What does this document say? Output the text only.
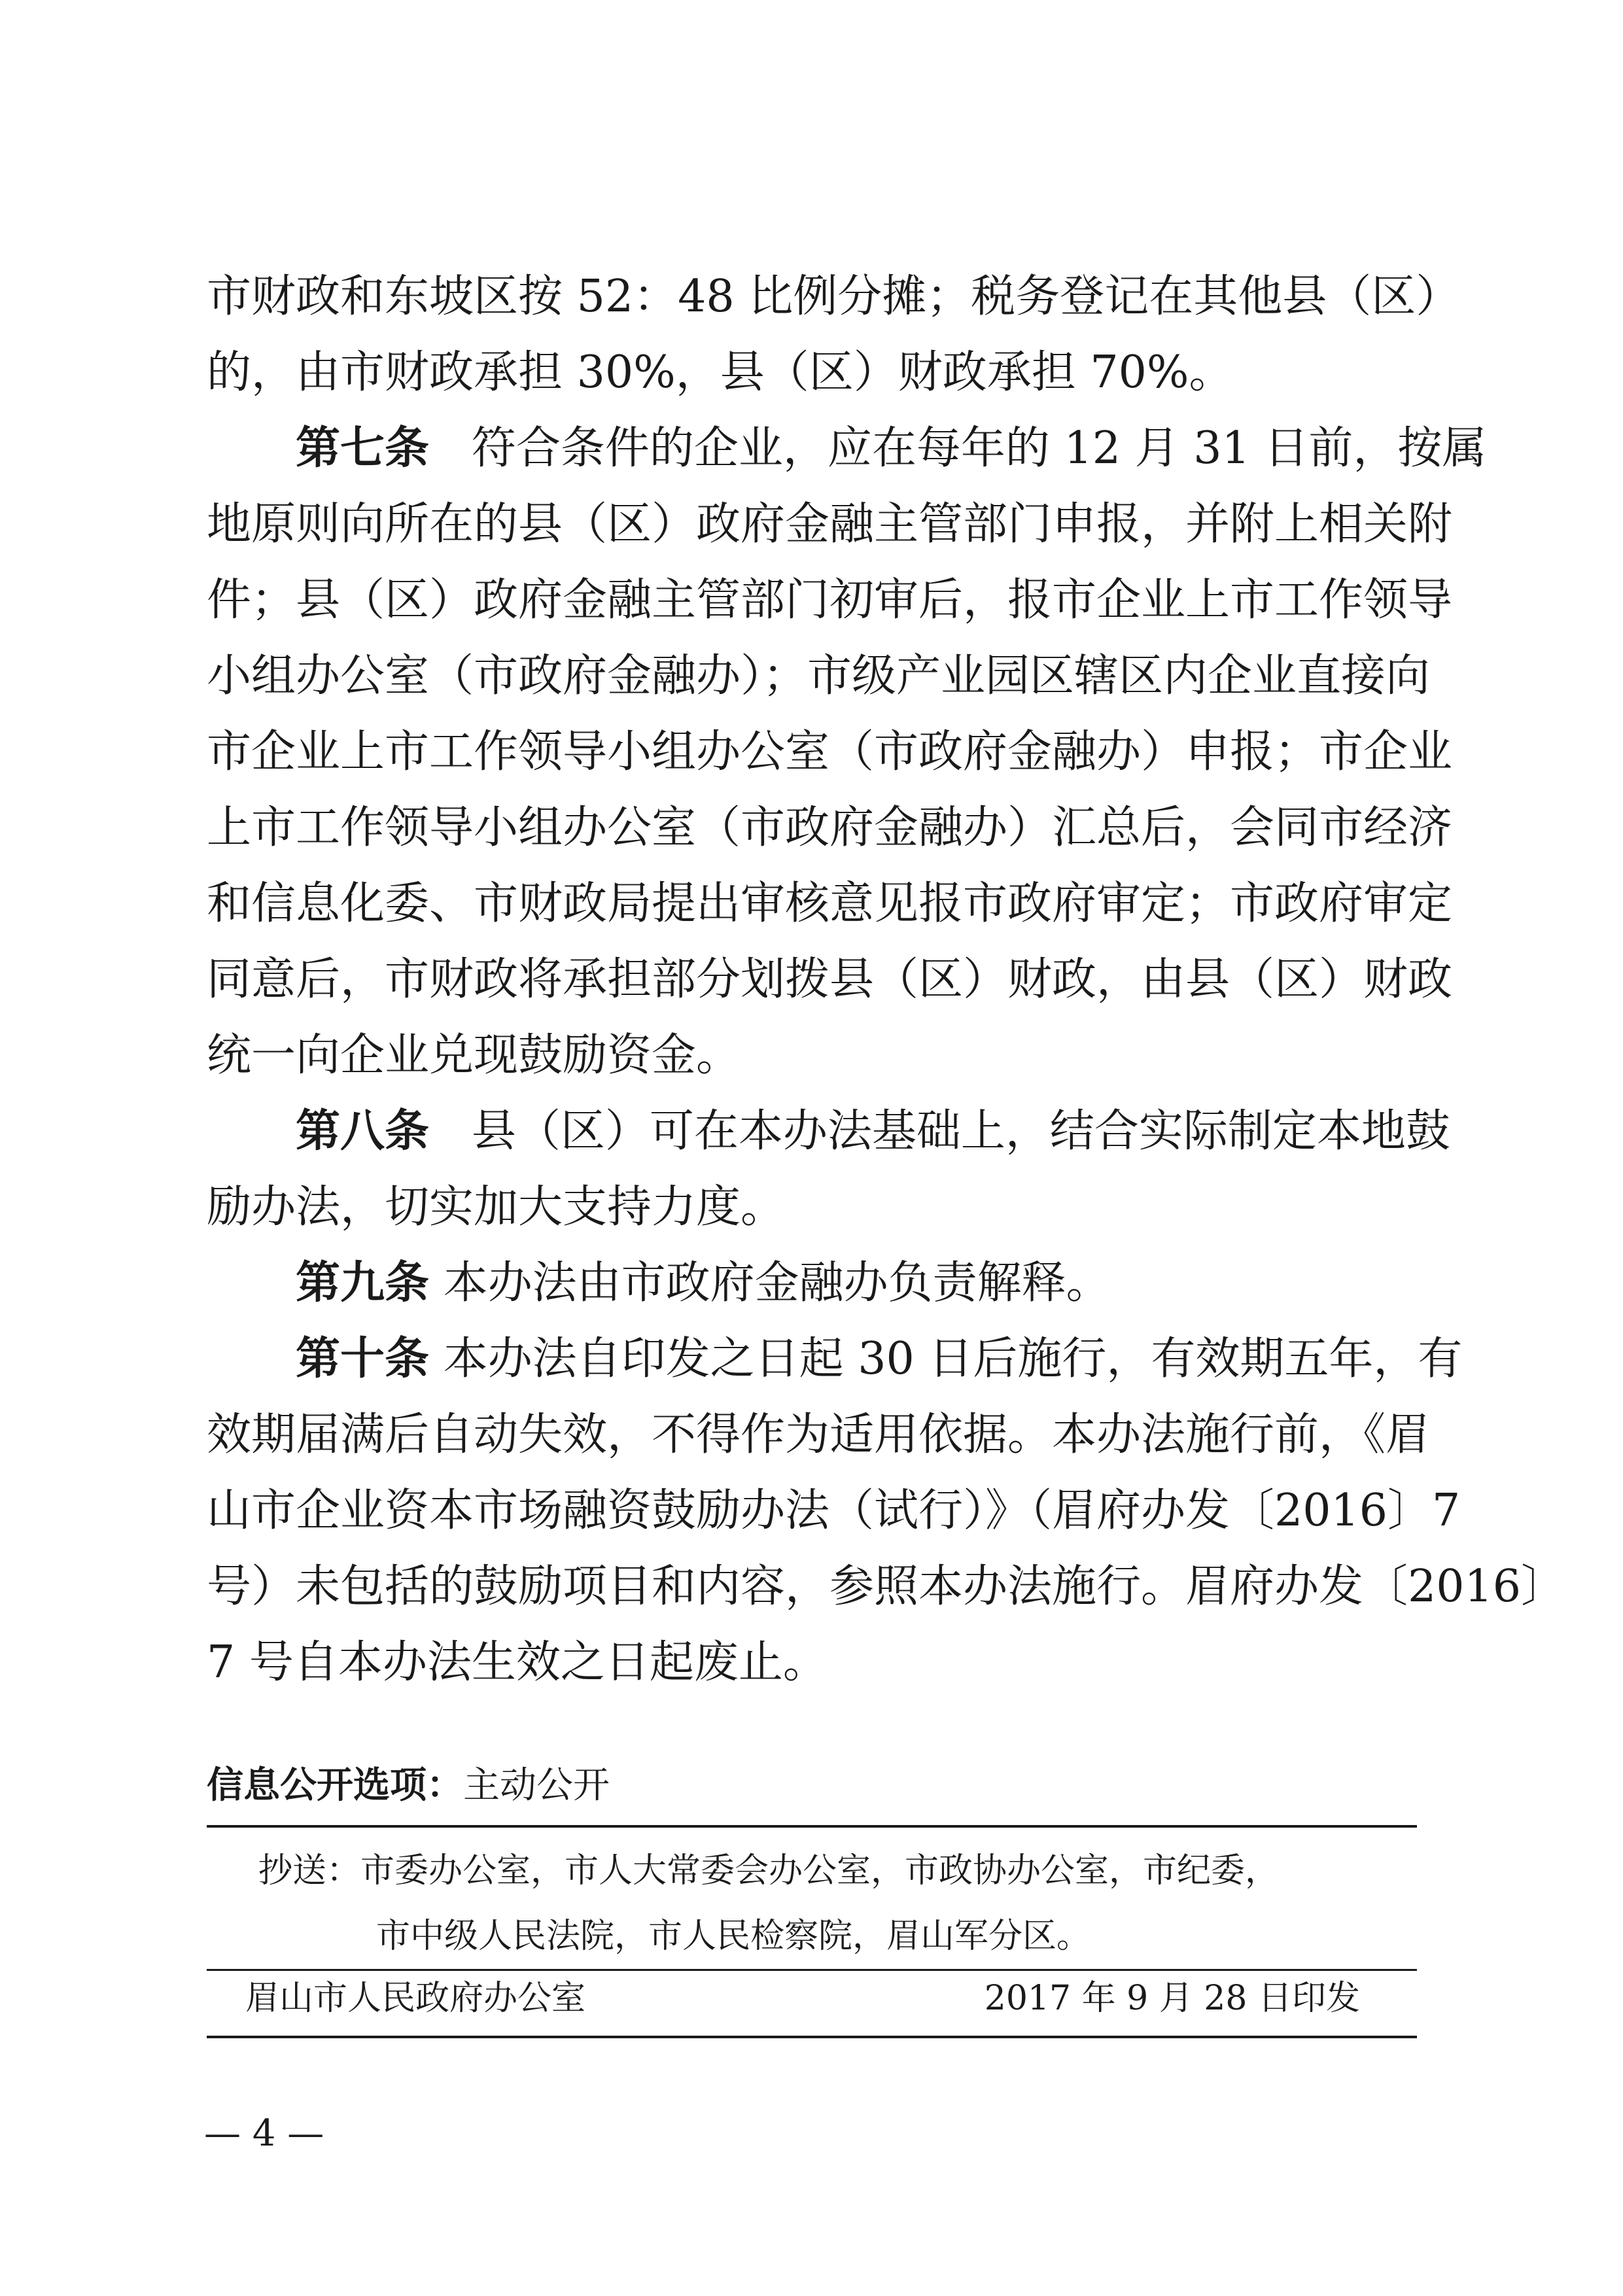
市财政和东坡区按 52：48 比例分摊；税务登记在其他县（区）
的，由市财政承担 30%，县（区）财政承担 70%。
第七条 符合条件的企业，应在每年的 12 月 31 日前，按属
地原则向所在的县（区）政府金融主管部门申报，并附上相关附
件；县（区）政府金融主管部门初审后，报市企业上市工作领导
小组办公室（市政府金融办）；市级产业园区辖区内企业直接向
市企业上市工作领导小组办公室（市政府金融办）申报；市企业
上市工作领导小组办公室（市政府金融办）汇总后，会同市经济
和信息化委、市财政局提出审核意见报市政府审定；市政府审定
同意后，市财政将承担部分划拨县（区）财政，由县（区）财政
统一向企业兑现鼓励资金。
第八条 县（区）可在本办法基础上，结合实际制定本地鼓
励办法，切实加大支持力度。
第九条 本办法由市政府金融办负责解释。
第十条 本办法自印发之日起 30 日后施行，有效期五年，有
效期届满后自动失效，不得作为适用依据。本办法施行前，《眉
山市企业资本市场融资鼓励办法（试行）》（眉府办发〔2016〕7
号）未包括的鼓励项目和内容，参照本办法施行。眉府办发〔2016〕
7 号自本办法生效之日起废止。
信息公开选项：主动公开
抄送：市委办公室，市人大常委会办公室，市政协办公室，市纪委，
市中级人民法院，市人民检察院，眉山军分区。
眉山市人民政府办公室	2017 年 9 月 28 日印发
— 4 —
